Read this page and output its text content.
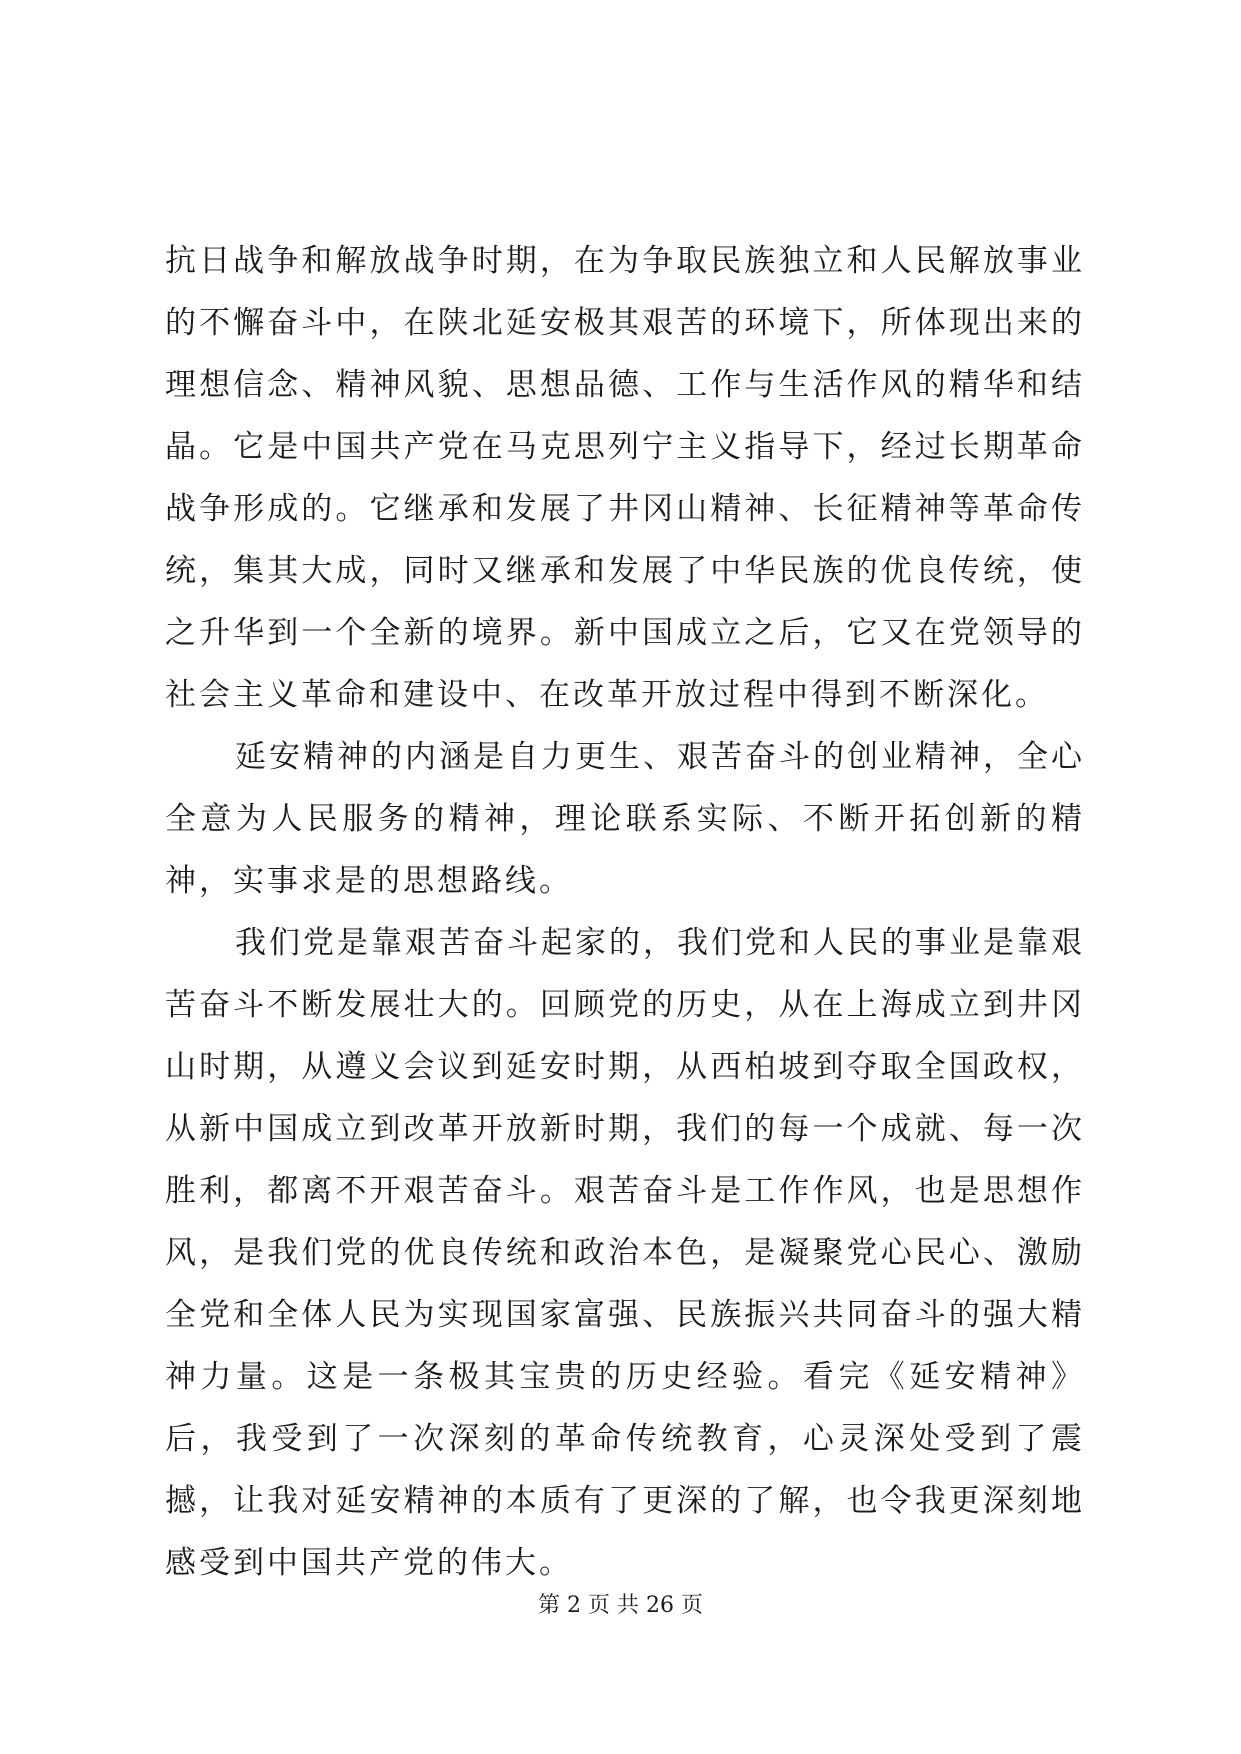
抗日战争和解放战争时期，在为争取民族独立和人民解放事业的不懈奋斗中，在陕北延安极其艰苦的环境下，所体现出来的理想信念、精神风貌、思想品德、工作与生活作风的精华和结晶。它是中国共产党在马克思列宁主义指导下，经过长期革命战争形成的。它继承和发展了井冈山精神、长征精神等革命传统，集其大成，同时又继承和发展了中华民族的优良传统，使之升华到一个全新的境界。新中国成立之后，它又在党领导的社会主义革命和建设中、在改革开放过程中得到不断深化。

延安精神的内涵是自力更生、艰苦奋斗的创业精神，全心全意为人民服务的精神，理论联系实际、不断开拓创新的精神，实事求是的思想路线。

我们党是靠艰苦奋斗起家的，我们党和人民的事业是靠艰苦奋斗不断发展壮大的。回顾党的历史，从在上海成立到井冈山时期，从遵义会议到延安时期，从西柏坡到夺取全国政权，从新中国成立到改革开放新时期，我们的每一个成就、每一次胜利，都离不开艰苦奋斗。艰苦奋斗是工作作风，也是思想作风，是我们党的优良传统和政治本色，是凝聚党心民心、激励全党和全体人民为实现国家富强、民族振兴共同奋斗的强大精神力量。这是一条极其宝贵的历史经验。看完《延安精神》后，我受到了一次深刻的革命传统教育，心灵深处受到了震撼，让我对延安精神的本质有了更深的了解，也令我更深刻地感受到中国共产党的伟大。

第 2 页 共 26 页
